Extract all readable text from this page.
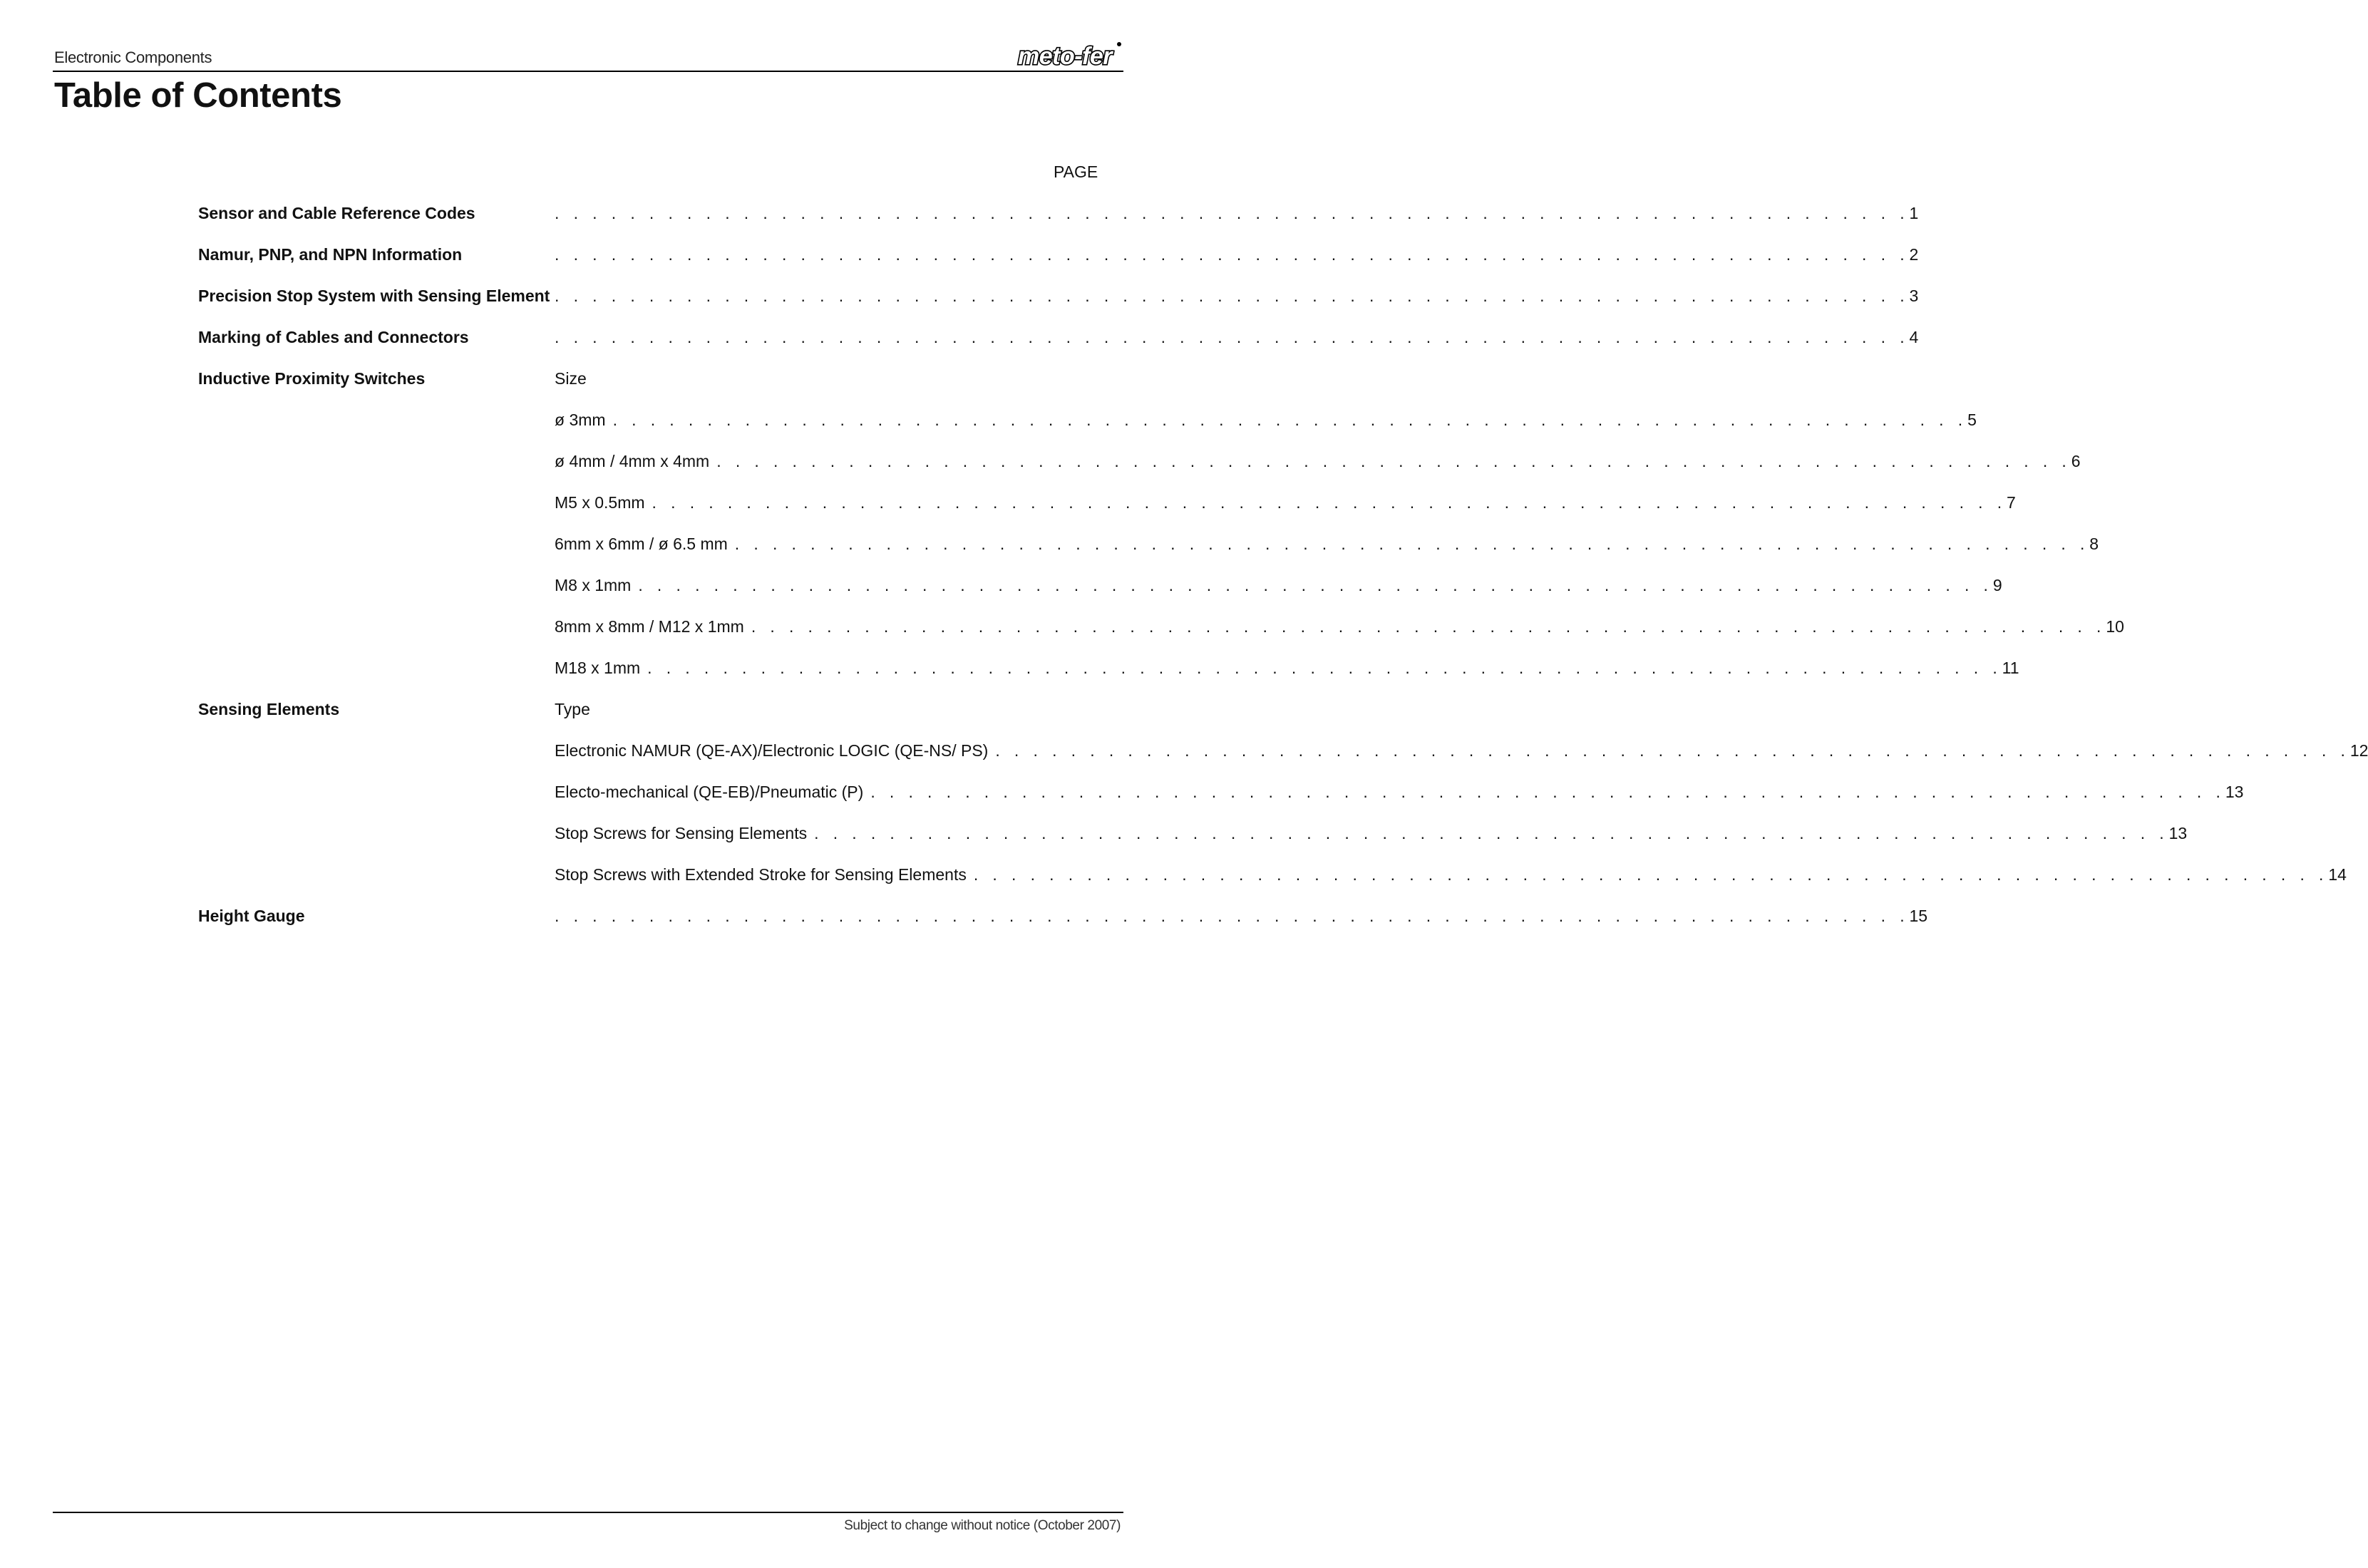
Electronic Components	meto-fer
Table of Contents
PAGE
Sensor and Cable Reference Codes	. . . . . . . . . . . . . . . . . . . . . . . . . . . . . . . . . . . . . . . . . . . . . . . . . . . . . . . . . . . . . . . . . . . . . . . . 1
Namur, PNP, and NPN Information	. . . . . . . . . . . . . . . . . . . . . . . . . . . . . . . . . . . . . . . . . . . . . . . . . . . . . . . . . . . . . . . . . . . . . . . . 2
Precision Stop System with Sensing Element . . . . . . . . . . . . . . . . . . . . . . . . . . . . . . . . . . . . . . . . . . . . . . . . . . . . . . . . . . . . . . . . . . . . . . . . 3
Marking of Cables and Connectors	. . . . . . . . . . . . . . . . . . . . . . . . . . . . . . . . . . . . . . . . . . . . . . . . . . . . . . . . . . . . . . . . . . . . . . . . 4
Inductive Proximity Switches	Size
ø 3mm . . . . . . . . . . . . . . . . . . . . . . . . . . . . . . . . . . . . . . . . . . . . . . . . . . . . . . . . . . . . . . . . . . . . . . . . 5
ø 4mm / 4mm x 4mm . . . . . . . . . . . . . . . . . . . . . . . . . . . . . . . . . . . . . . . . . . . . . . . . . . . . . . . . . . . . . . . . . . . . . . . . 6
M5 x 0.5mm . . . . . . . . . . . . . . . . . . . . . . . . . . . . . . . . . . . . . . . . . . . . . . . . . . . . . . . . . . . . . . . . . . . . . . . . 7
6mm x 6mm / ø 6.5 mm . . . . . . . . . . . . . . . . . . . . . . . . . . . . . . . . . . . . . . . . . . . . . . . . . . . . . . . . . . . . . . . . . . . . . . . . 8
M8 x 1mm . . . . . . . . . . . . . . . . . . . . . . . . . . . . . . . . . . . . . . . . . . . . . . . . . . . . . . . . . . . . . . . . . . . . . . . . 9
8mm x 8mm / M12 x 1mm . . . . . . . . . . . . . . . . . . . . . . . . . . . . . . . . . . . . . . . . . . . . . . . . . . . . . . . . . . . . . . . . . . . . . . . . 10
M18 x 1mm . . . . . . . . . . . . . . . . . . . . . . . . . . . . . . . . . . . . . . . . . . . . . . . . . . . . . . . . . . . . . . . . . . . . . . . . 11
Sensing Elements	Type
Electronic NAMUR (QE-AX)/Electronic LOGIC (QE-NS/ PS) . . . . . . . . . . . . . . . . . . . . . . . . . . . . . . . . . . . . . . . . . . . . . . . . . . . . . . . . . . . . . . . . . . . . . . . . 12
Electo-mechanical (QE-EB)/Pneumatic (P) . . . . . . . . . . . . . . . . . . . . . . . . . . . . . . . . . . . . . . . . . . . . . . . . . . . . . . . . . . . . . . . . . . . . . . . . 13
Stop Screws for Sensing Elements . . . . . . . . . . . . . . . . . . . . . . . . . . . . . . . . . . . . . . . . . . . . . . . . . . . . . . . . . . . . . . . . . . . . . . . . 13
Stop Screws with Extended Stroke for Sensing Elements . . . . . . . . . . . . . . . . . . . . . . . . . . . . . . . . . . . . . . . . . . . . . . . . . . . . . . . . . . . . . . . . . . . . . . . . 14
Height Gauge	. . . . . . . . . . . . . . . . . . . . . . . . . . . . . . . . . . . . . . . . . . . . . . . . . . . . . . . . . . . . . . . . . . . . . . . . 15
Subject to change without notice (October 2007)
